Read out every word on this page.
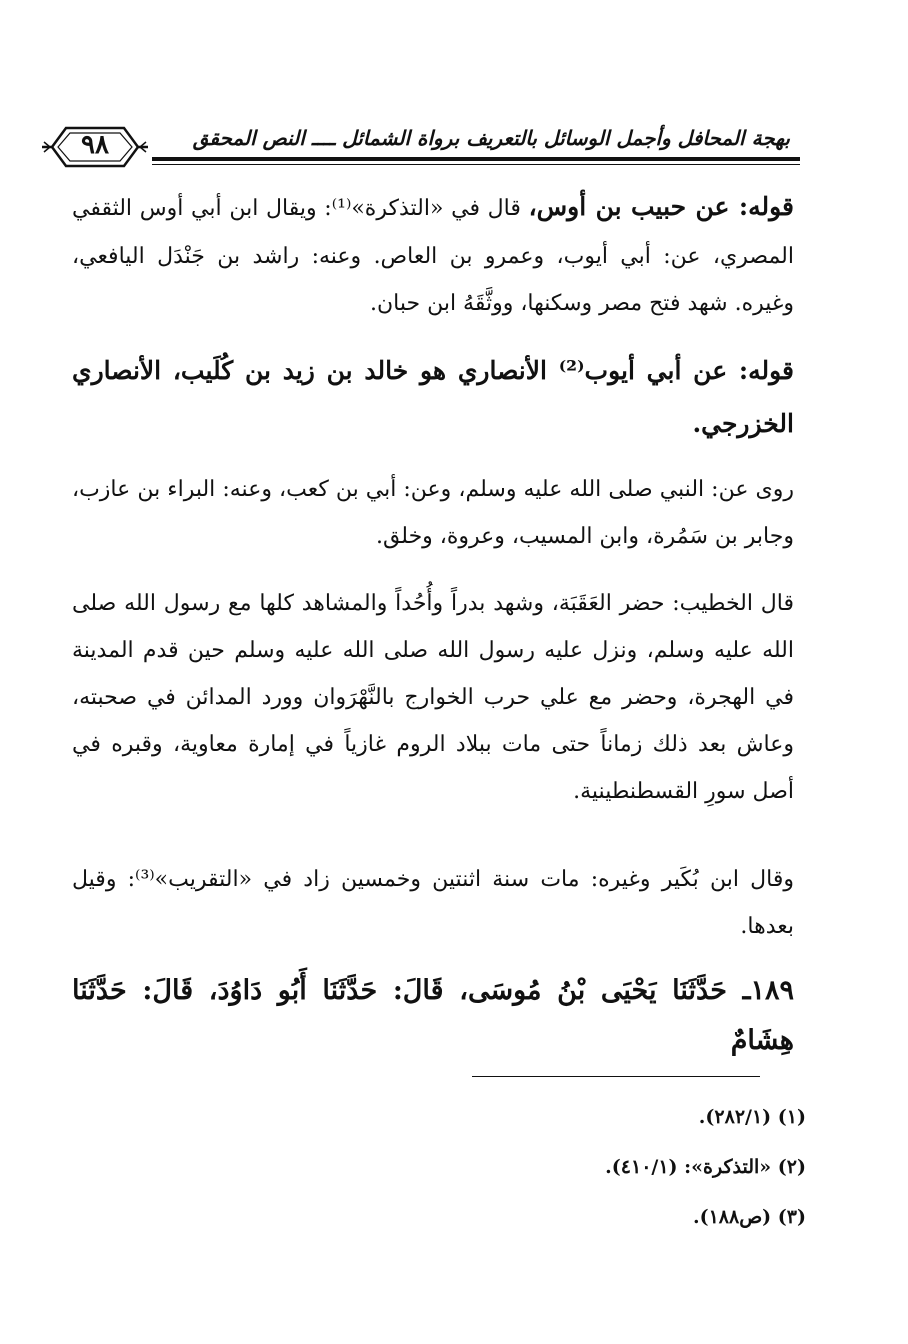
٩٨	بهجة المحافل وأجمل الوسائل بالتعريف برواة الشمائل ــــ النص المحقق

قوله: عن حبيب بن أوس، قال في «التذكرة»⁽¹⁾: ويقال ابن أبي أوس الثقفي المصري، عن: أبي أيوب، وعمرو بن العاص. وعنه: راشد بن جَنْدَل اليافعي، وغيره. شهد فتح مصر وسكنها، ووثَّقَهُ ابن حبان.

قوله: عن أبي أيوب⁽²⁾ الأنصاري هو خالد بن زيد بن كُلَيب، الأنصاري الخزرجي.

روى عن: النبي صلى الله عليه وسلم، وعن: أبي بن كعب، وعنه: البراء بن عازب، وجابر بن سَمُرة، وابن المسيب، وعروة، وخلق.

قال الخطيب: حضر العَقَبَة، وشهد بدراً وأُحُداً والمشاهد كلها مع رسول الله صلى الله عليه وسلم، ونزل عليه رسول الله صلى الله عليه وسلم حين قدم المدينة في الهجرة، وحضر مع علي حرب الخوارج بالنَّهْرَوان وورد المدائن في صحبته، وعاش بعد ذلك زماناً حتى مات ببلاد الروم غازياً في إمارة معاوية، وقبره في أصل سورِ القسطنطينية.

وقال ابن بُكَير وغيره: مات سنة اثنتين وخمسين زاد في «التقريب»⁽³⁾: وقيل بعدها.

١٨٩ـ حَدَّثَنَا يَحْيَى بْنُ مُوسَى، قَالَ: حَدَّثَنَا أَبُو دَاوُدَ، قَالَ: حَدَّثَنَا هِشَامٌ

(١) (٢٨٢/١).
(٢) «التذكرة»: (٤١٠/١).
(٣) (ص١٨٨).
